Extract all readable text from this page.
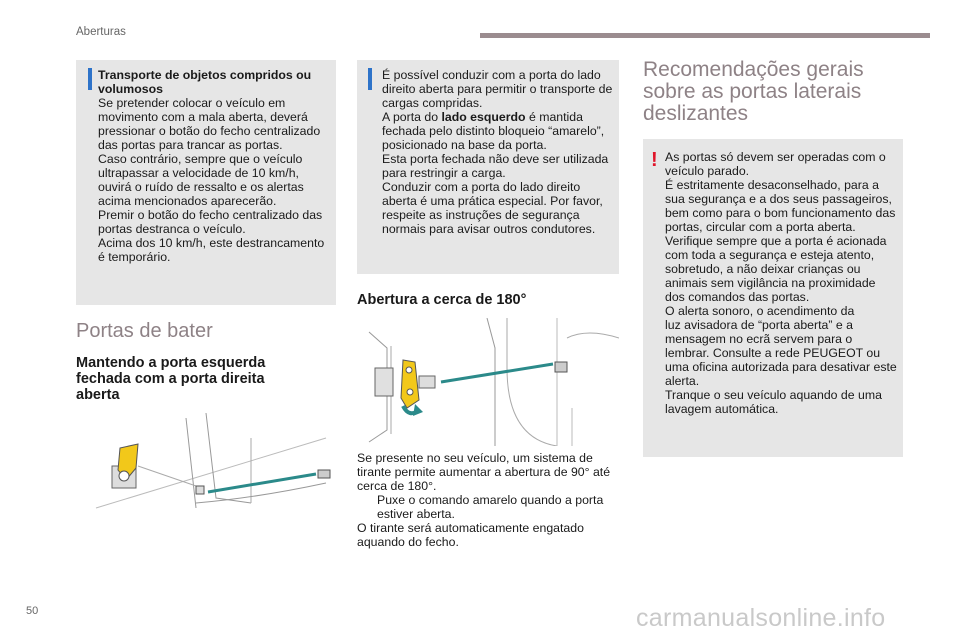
Aberturas

Transporte de objetos compridos ou volumosos

Se pretender colocar o veículo em

movimento com a mala aberta, deverá

pressionar o botão do fecho centralizado

das portas para trancar as portas.

Caso contrário, sempre que o veículo

ultrapassar a velocidade de 10 km/h,

ouvirá o ruído de ressalto e os alertas

acima mencionados aparecerão.

Premir o botão do fecho centralizado das

portas destranca o veículo.

Acima dos 10 km/h, este destrancamento

é temporário.

Portas de bater
Mantendo a porta esquerda fechada com a porta direita aberta

É possível conduzir com a porta do lado

direito aberta para permitir o transporte de

cargas compridas.

A porta do lado esquerdo é mantida

fechada pelo distinto bloqueio “amarelo”,

posicionado na base da porta.

Esta porta fechada não deve ser utilizada

para restringir a carga.

Conduzir com a porta do lado direito

aberta é uma prática especial. Por favor,

respeite as instruções de segurança

normais para avisar outros condutores.

Abertura a cerca de 180°

Se presente no seu veículo, um sistema de

tirante permite aumentar a abertura de 90° até

cerca de 180°.

Puxe o comando amarelo quando a porta

estiver aberta.

O tirante será automaticamente engatado

aquando do fecho.

Recomendações gerais
sobre as portas laterais
deslizantes
! As portas só devem ser operadas com o

veículo parado.

É estritamente desaconselhado, para a

sua segurança e a dos seus passageiros,

bem como para o bom funcionamento das

portas, circular com a porta aberta.

Verifique sempre que a porta é acionada

com toda a segurança e esteja atento,

sobretudo, a não deixar crianças ou

animais sem vigilância na proximidade

dos comandos das portas.

O alerta sonoro, o acendimento da

luz avisadora de “porta aberta” e a

mensagem no ecrã servem para o

lembrar. Consulte a rede PEUGEOT ou

uma oficina autorizada para desativar este

alerta.

Tranque o seu veículo aquando de uma

lavagem automática.

50	carmanualsonline.info
